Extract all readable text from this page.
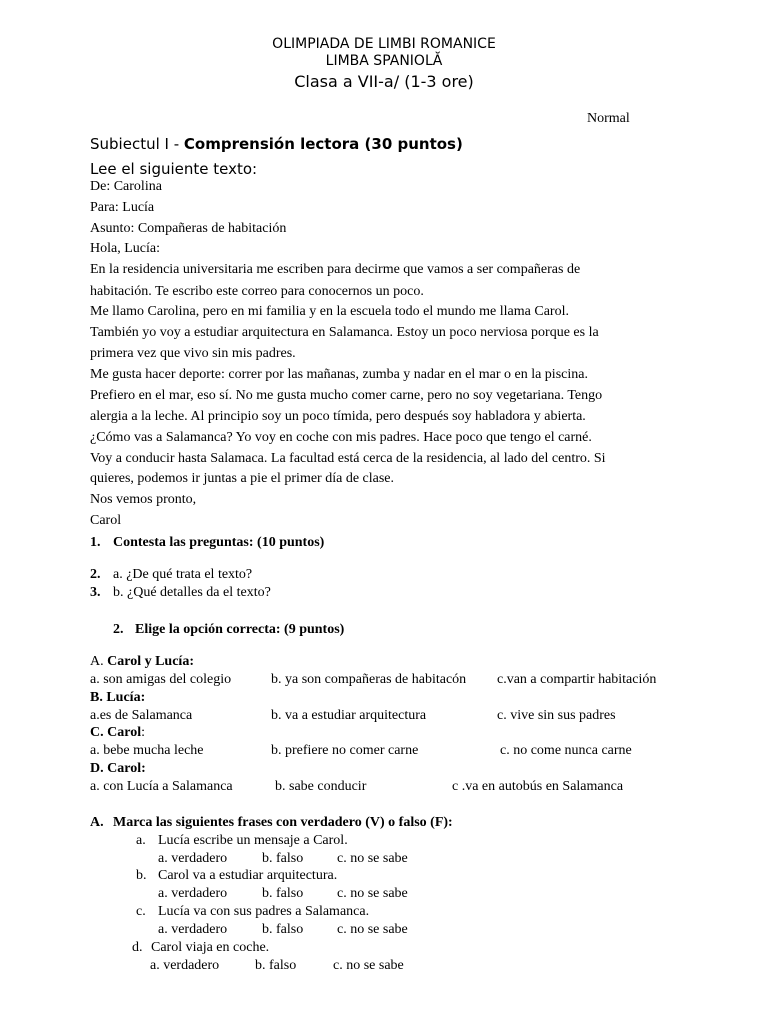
OLIMPIADA DE LIMBI ROMANICE
LIMBA SPANIOLĂ
Clasa a VII-a/ (1-3 ore)
Normal
Subiectul I - Comprensión lectora (30 puntos)
Lee el siguiente texto:
De: Carolina
Para: Lucía
Asunto: Compañeras de habitación
Hola, Lucía:
En la residencia universitaria me escriben para decirme que vamos a ser compañeras de
habitación. Te escribo este correo para conocernos un poco.
Me llamo Carolina, pero en mi familia y en la escuela todo el mundo me llama Carol.
También yo voy a estudiar arquitectura en Salamanca. Estoy un poco nerviosa porque es la
primera vez que vivo sin mis padres.
Me gusta hacer deporte: correr por las mañanas, zumba y nadar en el mar o en la piscina.
Prefiero en el mar, eso sí. No me gusta mucho comer carne, pero no soy vegetariana. Tengo
alergia a la leche. Al principio soy un poco tímida, pero después soy habladora y abierta.
¿Cómo vas a Salamanca? Yo voy en coche con mis padres. Hace poco que tengo el carné.
Voy a conducir hasta Salamaca. La facultad está cerca de la residencia, al lado del centro. Si
quieres, podemos ir juntas a pie el primer día de clase.
Nos vemos pronto,
Carol
1. Contesta las preguntas: (10 puntos)
2. a. ¿De qué trata el texto?
3. b. ¿Qué detalles da el texto?
2. Elige la opción correcta: (9 puntos)
A. Carol y Lucía:
a. son amigas del colegio	b. ya son compañeras de habitacón c.van a compartir habitación
B. Lucía:
a.es de Salamanca	b. va a estudiar arquitectura	c. vive sin sus padres
C. Carol:
a. bebe mucha leche	b. prefiere no comer carne	c. no come nunca carne
D. Carol:
a. con Lucía a Salamanca	b. sabe conducir	c .va en autobús en Salamanca
A. Marca las siguientes frases con verdadero (V) o falso (F):
a. Lucía escribe un mensaje a Carol.
a. verdadero b. falso c. no se sabe
b. Carol va a estudiar arquitectura.
a. verdadero b. falso c. no se sabe
c. Lucía va con sus padres a Salamanca.
a. verdadero b. falso c. no se sabe
d. Carol viaja en coche.
a. verdadero	b. falso	c. no se sabe
